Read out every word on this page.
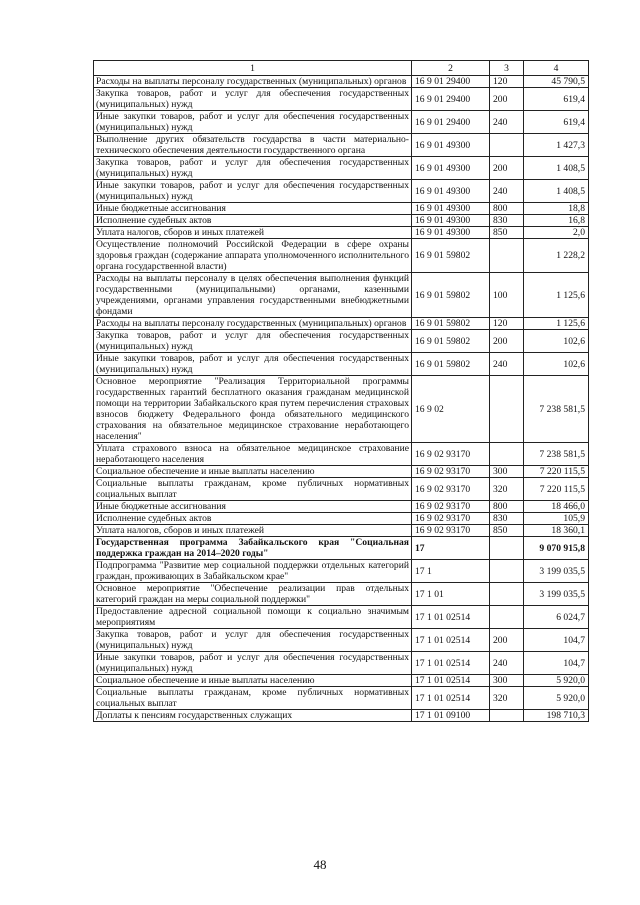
1	2	3	4
Расходы на выплаты персоналу государственных (муниципальных) органов	16 9 01 29400	120	45 790,5
Закупка товаров, работ и услуг для обеспечения государственных (муниципальных) нужд	16 9 01 29400	200	619,4
Иные закупки товаров, работ и услуг для обеспечения государственных (муниципальных) нужд	16 9 01 29400	240	619,4
Выполнение других обязательств государства в части материально-технического обеспечения деятельности государственного органа	16 9 01 49300		1 427,3
Закупка товаров, работ и услуг для обеспечения государственных (муниципальных) нужд	16 9 01 49300	200	1 408,5
Иные закупки товаров, работ и услуг для обеспечения государственных (муниципальных) нужд	16 9 01 49300	240	1 408,5
Иные бюджетные ассигнования	16 9 01 49300	800	18,8
Исполнение судебных актов	16 9 01 49300	830	16,8
Уплата налогов, сборов и иных платежей	16 9 01 49300	850	2,0
Осуществление полномочий Российской Федерации в сфере охраны здоровья граждан (содержание аппарата уполномоченного исполнительного органа государственной власти)	16 9 01 59802		1 228,2
Расходы на выплаты персоналу в целях обеспечения выполнения функций государственными (муниципальными) органами, казенными учреждениями, органами управления государственными внебюджетными фондами	16 9 01 59802	100	1 125,6
Расходы на выплаты персоналу государственных (муниципальных) органов	16 9 01 59802	120	1 125,6
Закупка товаров, работ и услуг для обеспечения государственных (муниципальных) нужд	16 9 01 59802	200	102,6
Иные закупки товаров, работ и услуг для обеспечения государственных (муниципальных) нужд	16 9 01 59802	240	102,6
Основное мероприятие "Реализация Территориальной программы государственных гарантий бесплатного оказания гражданам медицинской помощи на территории Забайкальского края путем перечисления страховых взносов бюджету Федерального фонда обязательного медицинского страхования на обязательное медицинское страхование неработающего населения"	16 9 02		7 238 581,5
Уплата страхового взноса на обязательное медицинское страхование неработающего населения	16 9 02 93170		7 238 581,5
Социальное обеспечение и иные выплаты населению	16 9 02 93170	300	7 220 115,5
Социальные выплаты гражданам, кроме публичных нормативных социальных выплат	16 9 02 93170	320	7 220 115,5
Иные бюджетные ассигнования	16 9 02 93170	800	18 466,0
Исполнение судебных актов	16 9 02 93170	830	105,9
Уплата налогов, сборов и иных платежей	16 9 02 93170	850	18 360,1
Государственная программа Забайкальского края "Социальная поддержка граждан на 2014–2020 годы"	17		9 070 915,8
Подпрограмма "Развитие мер социальной поддержки отдельных категорий граждан, проживающих в Забайкальском крае"	17 1		3 199 035,5
Основное мероприятие "Обеспечение реализации прав отдельных категорий граждан на меры социальной поддержки"	17 1 01		3 199 035,5
Предоставление адресной социальной помощи к социально значимым мероприятиям	17 1 01 02514		6 024,7
Закупка товаров, работ и услуг для обеспечения государственных (муниципальных) нужд	17 1 01 02514	200	104,7
Иные закупки товаров, работ и услуг для обеспечения государственных (муниципальных) нужд	17 1 01 02514	240	104,7
Социальное обеспечение и иные выплаты населению	17 1 01 02514	300	5 920,0
Социальные выплаты гражданам, кроме публичных нормативных социальных выплат	17 1 01 02514	320	5 920,0
Доплаты к пенсиям государственных служащих	17 1 01 09100		198 710,3
48
